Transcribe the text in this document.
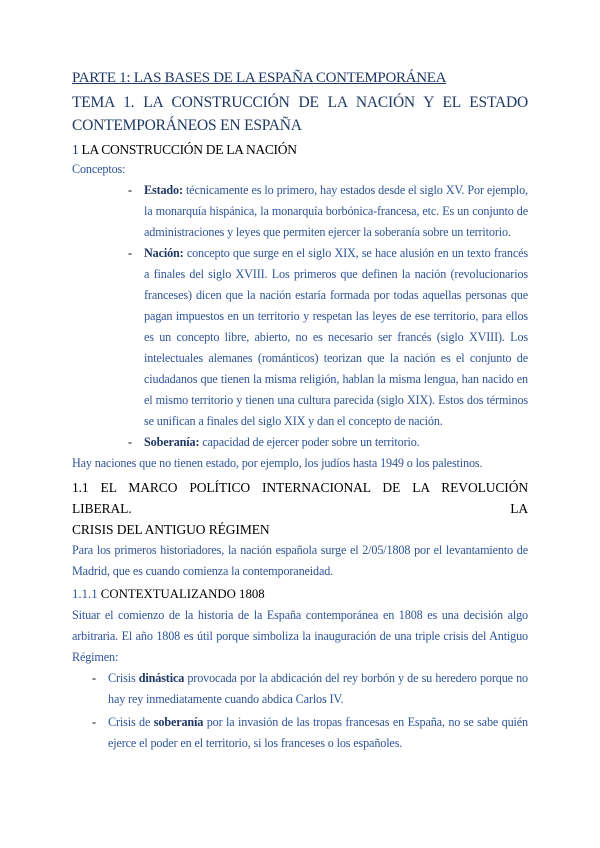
PARTE 1: LAS BASES DE LA ESPAÑA CONTEMPORÁNEA
TEMA 1. LA CONSTRUCCIÓN DE LA NACIÓN Y EL ESTADO
CONTEMPORÁNEOS EN ESPAÑA
1 LA CONSTRUCCIÓN DE LA NACIÓN

Conceptos:

- Estado: técnicamente es lo primero, hay estados desde el siglo XV. Por ejemplo, la monarquía hispánica, la monarquía borbónica-francesa, etc. Es un conjunto de administraciones y leyes que permiten ejercer la soberanía sobre un territorio.
- Nación: concepto que surge en el siglo XIX, se hace alusión en un texto francés a finales del siglo XVIII. Los primeros que definen la nación (revolucionarios franceses) dicen que la nación estaría formada por todas aquellas personas que pagan impuestos en un territorio y respetan las leyes de ese territorio, para ellos es un concepto libre, abierto, no es necesario ser francés (siglo XVIII). Los intelectuales alemanes (románticos) teorizan que la nación es el conjunto de ciudadanos que tienen la misma religión, hablan la misma lengua, han nacido en el mismo territorio y tienen una cultura parecida (siglo XIX). Estos dos términos se unifican a finales del siglo XIX y dan el concepto de nación.
- Soberanía: capacidad de ejercer poder sobre un territorio.

Hay naciones que no tienen estado, por ejemplo, los judíos hasta 1949 o los palestinos.

1.1 EL MARCO POLÍTICO INTERNACIONAL DE LA REVOLUCIÓN LIBERAL. LA
CRISIS DEL ANTIGUO RÉGIMEN

Para los primeros historiadores, la nación española surge el 2/05/1808 por el levantamiento de Madrid, que es cuando comienza la contemporaneidad.

1.1.1 CONTEXTUALIZANDO 1808

Situar el comienzo de la historia de la España contemporánea en 1808 es una decisión algo arbitraria. El año 1808 es útil porque simboliza la inauguración de una triple crisis del Antiguo Régimen:

- Crisis dinástica provocada por la abdicación del rey borbón y de su heredero porque no hay rey inmediatamente cuando abdica Carlos IV.
- Crisis de soberanía por la invasión de las tropas francesas en España, no se sabe quién ejerce el poder en el territorio, si los franceses o los españoles.
